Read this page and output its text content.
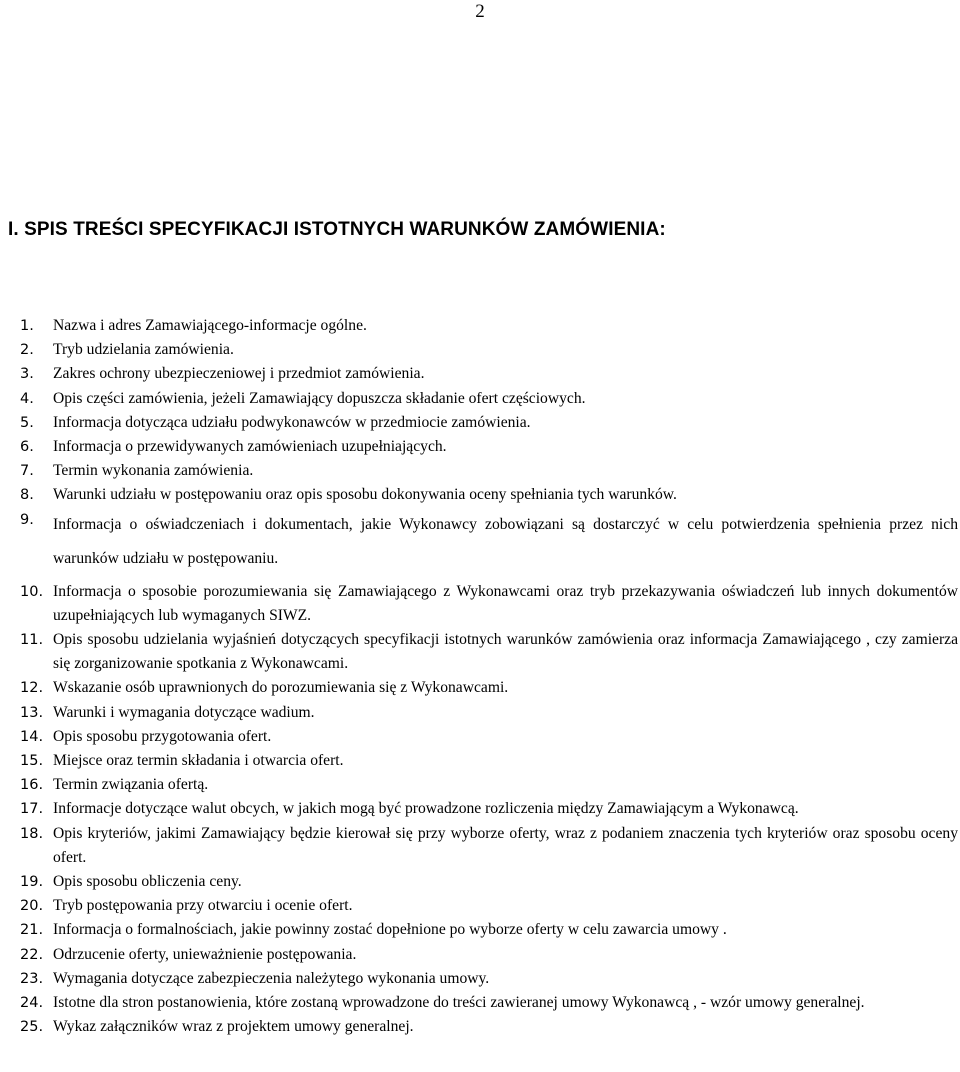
2
I. SPIS TREŚCI SPECYFIKACJI ISTOTNYCH WARUNKÓW ZAMÓWIENIA:
1. Nazwa i adres Zamawiającego-informacje ogólne.
2. Tryb udzielania zamówienia.
3. Zakres ochrony ubezpieczeniowej i przedmiot zamówienia.
4. Opis części zamówienia, jeżeli Zamawiający dopuszcza składanie ofert częściowych.
5. Informacja dotycząca udziału podwykonawców w przedmiocie zamówienia.
6. Informacja o przewidywanych zamówieniach uzupełniających.
7. Termin wykonania zamówienia.
8. Warunki udziału w postępowaniu oraz opis sposobu dokonywania oceny spełniania tych warunków.
9. Informacja o oświadczeniach i dokumentach, jakie Wykonawcy zobowiązani są dostarczyć w celu potwierdzenia spełnienia przez nich warunków udziału w postępowaniu.
10. Informacja o sposobie porozumiewania się Zamawiającego z Wykonawcami oraz tryb przekazywania oświadczeń lub innych dokumentów uzupełniających lub wymaganych SIWZ.
11. Opis sposobu udzielania wyjaśnień dotyczących specyfikacji istotnych warunków zamówienia oraz informacja Zamawiającego , czy zamierza się zorganizowanie spotkania z Wykonawcami.
12. Wskazanie osób uprawnionych do porozumiewania się z Wykonawcami.
13. Warunki i wymagania dotyczące wadium.
14. Opis sposobu przygotowania ofert.
15. Miejsce oraz termin składania i otwarcia ofert.
16. Termin związania ofertą.
17. Informacje dotyczące walut obcych, w jakich mogą być prowadzone rozliczenia między Zamawiającym a Wykonawcą.
18. Opis kryteriów, jakimi Zamawiający będzie kierował się przy wyborze oferty, wraz z podaniem znaczenia tych kryteriów oraz sposobu oceny ofert.
19. Opis sposobu obliczenia ceny.
20. Tryb postępowania przy otwarciu i ocenie ofert.
21. Informacja o formalnościach, jakie powinny zostać dopełnione po wyborze oferty w celu zawarcia umowy .
22. Odrzucenie oferty, unieważnienie postępowania.
23. Wymagania dotyczące zabezpieczenia należytego wykonania umowy.
24. Istotne dla stron postanowienia, które zostaną wprowadzone do treści zawieranej umowy Wykonawcą , - wzór umowy generalnej.
25. Wykaz załączników wraz z projektem umowy generalnej.
